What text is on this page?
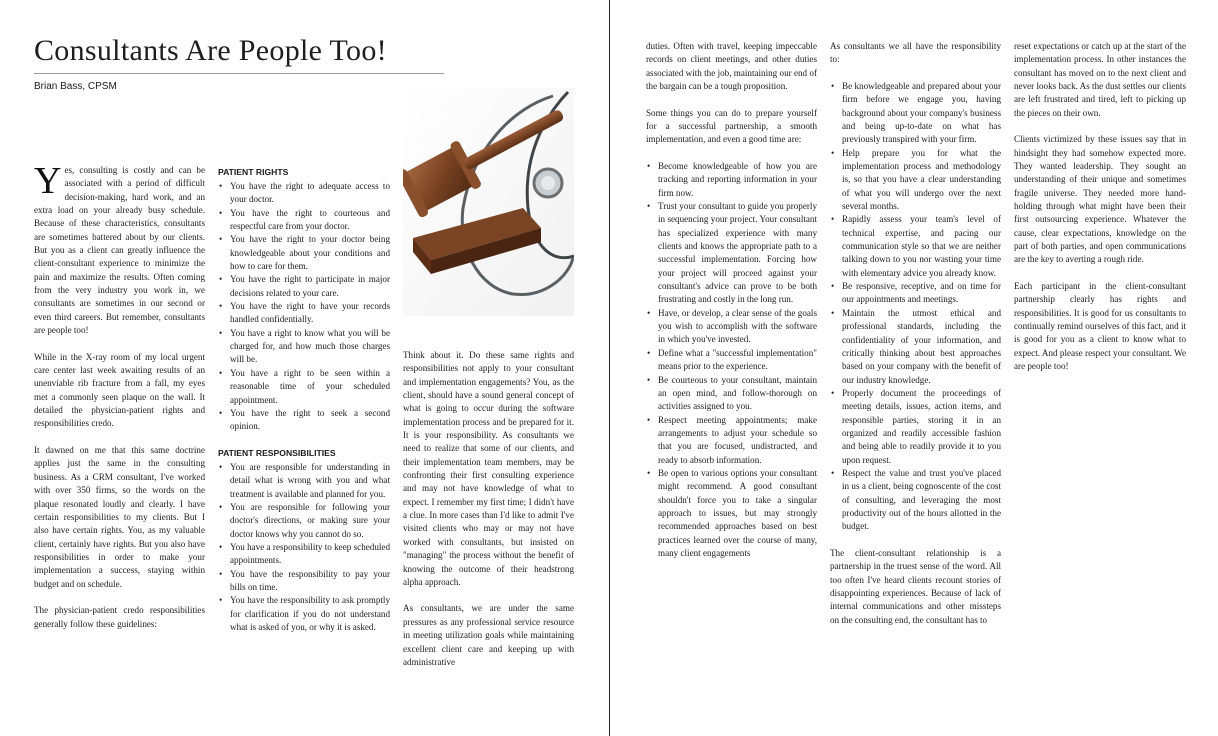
Consultants Are People Too!
Brian Bass, CPSM

Yes, consulting is costly and can be associated with a period of difficult decision-making, hard work, and an extra load on your already busy schedule. Because of these characteristics, consultants are sometimes battered about by our clients. But you as a client can greatly influence the client-consultant experience to minimize the pain and maximize the results. Often coming from the very industry you work in, we consultants are sometimes in our second or even third careers. But remember, consultants are people too!

While in the X-ray room of my local urgent care center last week awaiting results of an unenviable rib fracture from a fall, my eyes met a commonly seen plaque on the wall. It detailed the physician-patient rights and responsibilities credo.

It dawned on me that this same doctrine applies just the same in the consulting business. As a CRM consultant, I've worked with over 350 firms, so the words on the plaque resonated loudly and clearly. I have certain responsibilities to my clients. But I also have certain rights. You, as my valuable client, certainly have rights. But you also have responsibilities in order to make your implementation a success, staying within budget and on schedule.

The physician-patient credo responsibilities generally follow these guidelines:

PATIENT RIGHTS
• You have the right to adequate access to your doctor.
• You have the right to courteous and respectful care from your doctor.
• You have the right to your doctor being knowledgeable about your conditions and how to care for them.
• You have the right to participate in major decisions related to your care.
• You have the right to have your records handled confidentially.
• You have a right to know what you will be charged for, and how much those charges will be.
• You have a right to be seen within a reasonable time of your scheduled appointment.
• You have the right to seek a second opinion.
PATIENT RESPONSIBILITIES
• You are responsible for understanding in detail what is wrong with you and what treatment is available and planned for you.
• You are responsible for following your doctor's directions, or making sure your doctor knows why you cannot do so.
• You have a responsibility to keep scheduled appointments.
• You have the responsibility to pay your bills on time.
• You have the responsibility to ask promptly for clarification if you do not understand what is asked of you, or why it is asked.

Think about it. Do these same rights and responsibilities not apply to your consultant and implementation engagements? You, as the client, should have a sound general concept of what is going to occur during the software implementation process and be prepared for it. It is your responsibility. As consultants we need to realize that some of our clients, and their implementation team members, may be confronting their first consulting experience and may not have knowledge of what to expect. I remember my first time; I didn't have a clue. In more cases than I'd like to admit I've visited clients who may or may not have worked with consultants, but insisted on "managing" the process without the benefit of knowing the outcome of their headstrong alpha approach.

As consultants, we are under the same pressures as any professional service resource in meeting utilization goals while maintaining excellent client care and keeping up with administrative

duties. Often with travel, keeping impeccable records on client meetings, and other duties associated with the job, maintaining our end of the bargain can be a tough proposition.

Some things you can do to prepare yourself for a successful partnership, a smooth implementation, and even a good time are:

• Become knowledgeable of how you are tracking and reporting information in your firm now.
• Trust your consultant to guide you properly in sequencing your project. Your consultant has specialized experience with many clients and knows the appropriate path to a successful implementation. Forcing how your project will proceed against your consultant's advice can prove to be both frustrating and costly in the long run.
• Have, or develop, a clear sense of the goals you wish to accomplish with the software in which you've invested.
• Define what a "successful implementation" means prior to the experience.
• Be courteous to your consultant, maintain an open mind, and follow-thorough on activities assigned to you.
• Respect meeting appointments; make arrangements to adjust your schedule so that you are focused, undistracted, and ready to absorb information.
• Be open to various options your consultant might recommend. A good consultant shouldn't force you to take a singular approach to issues, but may strongly recommended approaches based on best practices learned over the course of many, many client engagements

As consultants we all have the responsibility to:

• Be knowledgeable and prepared about your firm before we engage you, having background about your company's business and being up-to-date on what has previously transpired with your firm.
• Help prepare you for what the implementation process and methodology is, so that you have a clear understanding of what you will undergo over the next several months.
• Rapidly assess your team's level of technical expertise, and pacing our communication style so that we are neither talking down to you nor wasting your time with elementary advice you already know.
• Be responsive, receptive, and on time for our appointments and meetings.
• Maintain the utmost ethical and professional standards, including the confidentiality of your information, and critically thinking about best approaches based on your company with the benefit of our industry knowledge.
• Properly document the proceedings of meeting details, issues, action items, and responsible parties, storing it in an organized and readily accessible fashion and being able to readily provide it to you upon request.
• Respect the value and trust you've placed in us a client, being cognoscente of the cost of consulting, and leveraging the most productivity out of the hours allotted in the budget.

The client-consultant relationship is a partnership in the truest sense of the word. All too often I've heard clients recount stories of disappointing experiences. Because of lack of internal communications and other missteps on the consulting end, the consultant has to

reset expectations or catch up at the start of the implementation process. In other instances the consultant has moved on to the next client and never looks back. As the dust settles our clients are left frustrated and tired, left to picking up the pieces on their own.

Clients victimized by these issues say that in hindsight they had somehow expected more. They wanted leadership. They sought an understanding of their unique and sometimes fragile universe. They needed more hand-holding through what might have been their first outsourcing experience. Whatever the cause, clear expectations, knowledge on the part of both parties, and open communications are the key to averting a rough ride.

Each participant in the client-consultant partnership clearly has rights and responsibilities. It is good for us consultants to continually remind ourselves of this fact, and it is good for you as a client to know what to expect. And please respect your consultant. We are people too!
